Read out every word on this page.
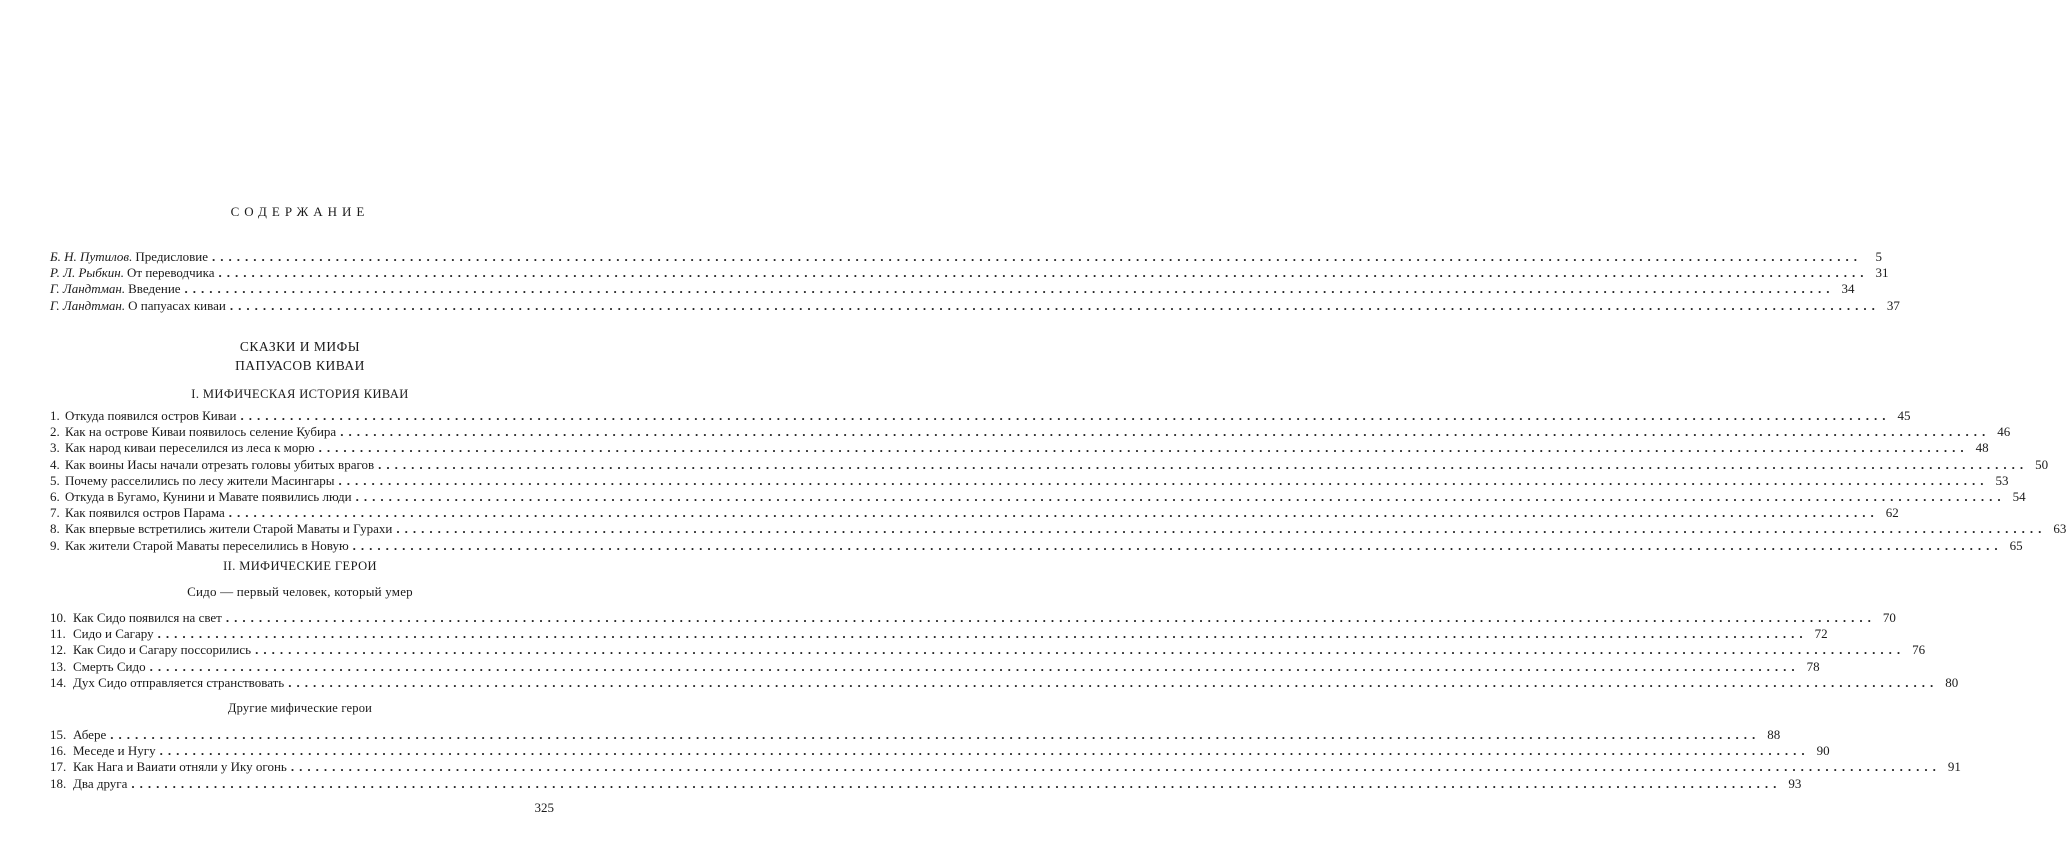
СОДЕРЖАНИЕ
Б. Н. Путилов. Предисловие ........................................................................................................................................................................................................	5
Р. Л. Рыбкин. От переводчика ........................................................................................................................................................................................................ 31
Г. Ландтман. Введение ........................................................................................................................................................................................................ 34
Г. Ландтман. О папуасах киваи ........................................................................................................................................................................................................ 37
СКАЗКИ И МИФЫ
ПАПУАСОВ КИВАИ
I. МИФИЧЕСКАЯ ИСТОРИЯ КИВАИ
1. Откуда появился остров Киваи ........................................................................................................................................................................................................ 45
2. Как на острове Киваи появилось селение Кубира ........................................................................................................................................................................................................ 46
3. Как народ киваи переселился из леса к морю ........................................................................................................................................................................................................ 48
4. Как воины Иасы начали отрезать головы убитых врагов ........................................................................................................................................................................................................ 50
5. Почему расселились по лесу жители Масингары ........................................................................................................................................................................................................ 53
6. Откуда в Бугамо, Кунини и Мавате появились люди ........................................................................................................................................................................................................ 54
7. Как появился остров Парама ........................................................................................................................................................................................................ 62
8. Как впервые встретились жители Старой Маваты и Гурахи ........................................................................................................................................................................................................ 63
9. Как жители Старой Маваты переселились в Новую ........................................................................................................................................................................................................ 65
II. МИФИЧЕСКИЕ ГЕРОИ
Сидо — первый человек, который умер
10. Как Сидо появился на свет ........................................................................................................................................................................................................ 70
11. Сидо и Сагару ........................................................................................................................................................................................................ 72
12. Как Сидо и Сагару поссорились ........................................................................................................................................................................................................ 76
13. Смерть Сидо ........................................................................................................................................................................................................ 78
14. Дух Сидо отправляется странствовать ........................................................................................................................................................................................................ 80
Другие мифические герои
15. Абере ........................................................................................................................................................................................................ 88
16. Меседе и Нугу ........................................................................................................................................................................................................ 90
17. Как Нага и Ваиати отняли у Ику огонь ........................................................................................................................................................................................................ 91
18. Два друга ........................................................................................................................................................................................................ 93
325
